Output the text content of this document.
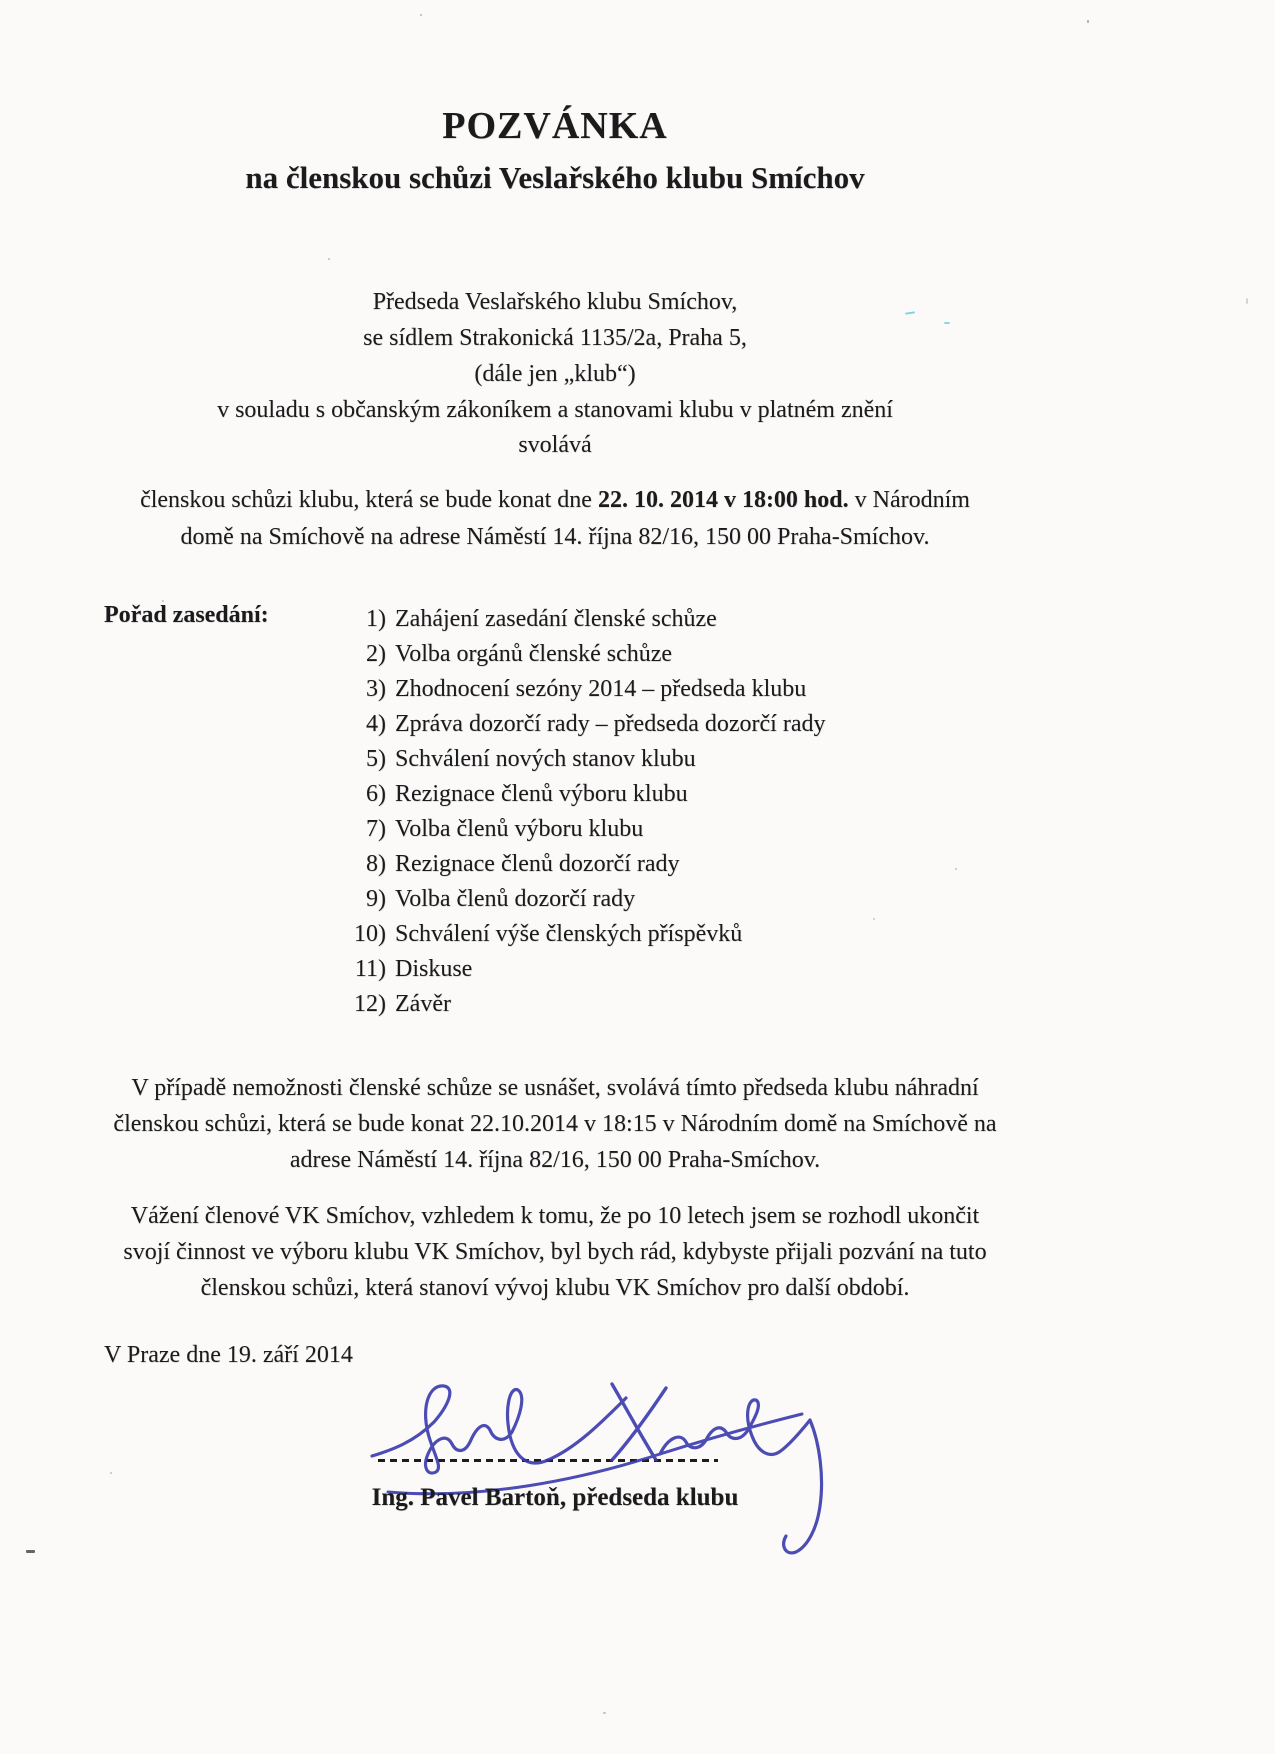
POZVÁNKA
na členskou schůzi Veslařského klubu Smíchov
Předseda Veslařského klubu Smíchov,
se sídlem Strakonická 1135/2a, Praha 5,
(dále jen „klub“)
v souladu s občanským zákoníkem a stanovami klubu v platném znění
svolává
členskou schůzi klubu, která se bude konat dne 22. 10. 2014 v 18:00 hod. v Národním
domě na Smíchově na adrese Náměstí 14. října 82/16, 150 00 Praha-Smíchov.
Pořad zasedání:	1) Zahájení zasedání členské schůze
2) Volba orgánů členské schůze
3) Zhodnocení sezóny 2014 – předseda klubu
4) Zpráva dozorčí rady – předseda dozorčí rady
5) Schválení nových stanov klubu
6) Rezignace členů výboru klubu
7) Volba členů výboru klubu
8) Rezignace členů dozorčí rady
9) Volba členů dozorčí rady
10) Schválení výše členských příspěvků
11) Diskuse
12) Závěr
V případě nemožnosti členské schůze se usnášet, svolává tímto předseda klubu náhradní
členskou schůzi, která se bude konat 22.10.2014 v 18:15 v Národním domě na Smíchově na
adrese Náměstí 14. října 82/16, 150 00 Praha-Smíchov.
Vážení členové VK Smíchov, vzhledem k tomu, že po 10 letech jsem se rozhodl ukončit
svojí činnost ve výboru klubu VK Smíchov, byl bych rád, kdybyste přijali pozvání na tuto
členskou schůzi, která stanoví vývoj klubu VK Smíchov pro další období.
V Praze dne 19. září 2014
Ing. Pavel Bartoň, předseda klubu
